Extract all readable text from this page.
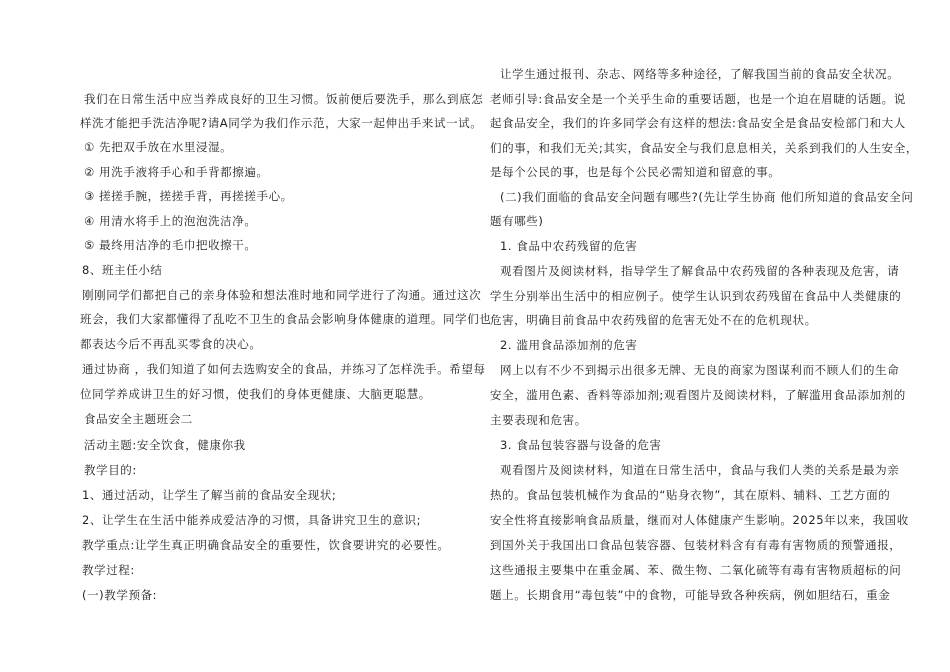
我们在日常生活中应当养成良好的卫生习惯。饭前便后要洗手，那么到底怎
样洗才能把手洗洁净呢?请A同学为我们作示范，大家一起伸出手来试一试。
① 先把双手放在水里浸湿。
② 用洗手液将手心和手背都擦遍。
③ 搓搓手腕，搓搓手背，再搓搓手心。
④ 用清水将手上的泡泡洗洁净。
⑤ 最终用洁净的毛巾把收擦干。
8、班主任小结
刚刚同学们都把自己的亲身体验和想法准时地和同学进行了沟通。通过这次
班会，我们大家都懂得了乱吃不卫生的食品会影响身体健康的道理。同学们也
都表达今后不再乱买零食的决心。
通过协商 ，我们知道了如何去选购安全的食品，并练习了怎样洗手。希望每
位同学养成讲卫生的好习惯，使我们的身体更健康、大脑更聪慧。
食品安全主题班会二
活动主题:安全饮食，健康你我
教学目的:
1、通过活动，让学生了解当前的食品安全现状;
2、让学生在生活中能养成爱洁净的习惯，具备讲究卫生的意识;
教学重点:让学生真正明确食品安全的重要性，饮食要讲究的必要性。
教学过程:
(一)教学预备:
让学生通过报刊、杂志、网络等多种途径，了解我国当前的食品安全状况。
老师引导:食品安全是一个关乎生命的重要话题，也是一个迫在眉睫的话题。说
起食品安全，我们的许多同学会有这样的想法:食品安全是食品安检部门和大人
们的事，和我们无关;其实，食品安全与我们息息相关，关系到我们的人生安全，
是每个公民的事，也是每个公民必需知道和留意的事。
(二)我们面临的食品安全问题有哪些?(先让学生协商 他们所知道的食品安全问
题有哪些)
1. 食品中农药残留的危害
观看图片及阅读材料，指导学生了解食品中农药残留的各种表现及危害，请
学生分别举出生活中的相应例子。使学生认识到农药残留在食品中人类健康的
危害，明确目前食品中农药残留的危害无处不在的危机现状。
2. 滥用食品添加剂的危害
网上以有不少不到揭示出很多无牌、无良的商家为图谋利而不顾人们的生命
安全，滥用色素、香料等添加剂;观看图片及阅读材料，了解滥用食品添加剂的
主要表现和危害。
3. 食品包装容器与设备的危害
观看图片及阅读材料，知道在日常生活中，食品与我们人类的关系是最为亲
热的。食品包装机械作为食品的“贴身衣物”，其在原料、辅料、工艺方面的
安全性将直接影响食品质量，继而对人体健康产生影响。2025年以来，我国收
到国外关于我国出口食品包装容器、包装材料含有有毒有害物质的预警通报，
这些通报主要集中在重金属、苯、微生物、二氧化硫等有毒有害物质超标的问
题上。长期食用“毒包装”中的食物，可能导致各种疾病，例如胆结石，重金
